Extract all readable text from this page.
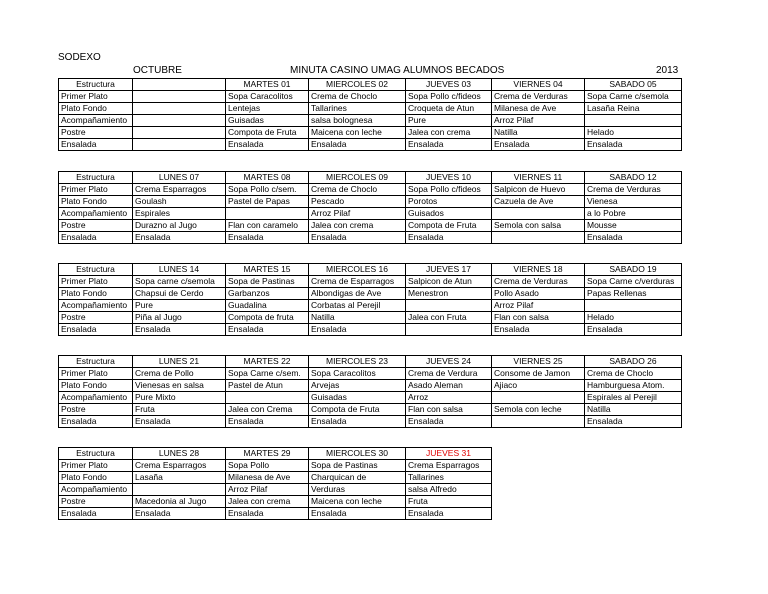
SODEXO
OCTUBRE	MINUTA CASINO UMAG ALUMNOS BECADOS	2013
Estructura		MARTES 01	MIERCOLES 02	JUEVES 03	VIERNES 04	SABADO 05
Primer Plato		Sopa Caracolitos	Crema de Choclo	Sopa Pollo c/fideos	Crema de Verduras	Sopa Carne c/semola
Plato Fondo		Lentejas	Tallarines	Croqueta de Atun	Milanesa de Ave	Lasaña Reina
Acompañamiento		Guisadas	salsa bolognesa	Pure	Arroz Pilaf	
Postre		Compota de Fruta	Maicena con leche	Jalea con crema	Natilla	Helado
Ensalada		Ensalada	Ensalada	Ensalada	Ensalada	Ensalada
Estructura	LUNES 07	MARTES 08	MIERCOLES 09	JUEVES 10	VIERNES 11	SABADO 12
Primer Plato	Crema Esparragos	Sopa Pollo c/sem.	Crema de Choclo	Sopa Pollo c/fideos	Salpicon de Huevo	Crema de Verduras
Plato Fondo	Goulash	Pastel de Papas	Pescado	Porotos	Cazuela de Ave	Vienesa
Acompañamiento	Espirales		Arroz Pilaf	Guisados		a lo Pobre
Postre	Durazno al Jugo	Flan con caramelo	Jalea con crema	Compota de Fruta	Semola con salsa	Mousse
Ensalada	Ensalada	Ensalada	Ensalada	Ensalada		Ensalada
Estructura	LUNES 14	MARTES 15	MIERCOLES 16	JUEVES 17	VIERNES 18	SABADO 19
Primer Plato	Sopa carne c/semola	Sopa de Pastinas	Crema de Esparragos	Salpicon de Atun	Crema de Verduras	Sopa Carne c/verduras
Plato Fondo	Chapsui de Cerdo	Garbanzos	Albondigas de Ave	Menestron	Pollo Asado	Papas Rellenas
Acompañamiento	Pure	Guadalina	Corbatas al Perejil		Arroz Pilaf	
Postre	Piña al Jugo	Compota de fruta	Natilla	Jalea con Fruta	Flan con salsa	Helado
Ensalada	Ensalada	Ensalada	Ensalada		Ensalada	Ensalada
Estructura	LUNES 21	MARTES 22	MIERCOLES 23	JUEVES 24	VIERNES 25	SABADO 26
Primer Plato	Crema de Pollo	Sopa Carne c/sem.	Sopa Caracolitos	Crema de Verdura	Consome de Jamon	Crema de Choclo
Plato Fondo	Vienesas en salsa	Pastel de Atun	Arvejas	Asado Aleman	Ajiaco	Hamburguesa Atom.
Acompañamiento	Pure Mixto		Guisadas	Arroz		Espirales al Perejil
Postre	Fruta	Jalea con Crema	Compota de Fruta	Flan con salsa	Semola con leche	Natilla
Ensalada	Ensalada	Ensalada	Ensalada	Ensalada		Ensalada
Estructura	LUNES 28	MARTES 29	MIERCOLES 30	JUEVES 31
Primer Plato	Crema Esparragos	Sopa Pollo	Sopa de Pastinas	Crema Esparragos
Plato Fondo	Lasaña	Milanesa de Ave	Charquican de	Tallarines
Acompañamiento		Arroz Pilaf	Verduras	salsa Alfredo
Postre	Macedonia al Jugo	Jalea con crema	Maicena con leche	Fruta
Ensalada	Ensalada	Ensalada	Ensalada	Ensalada
